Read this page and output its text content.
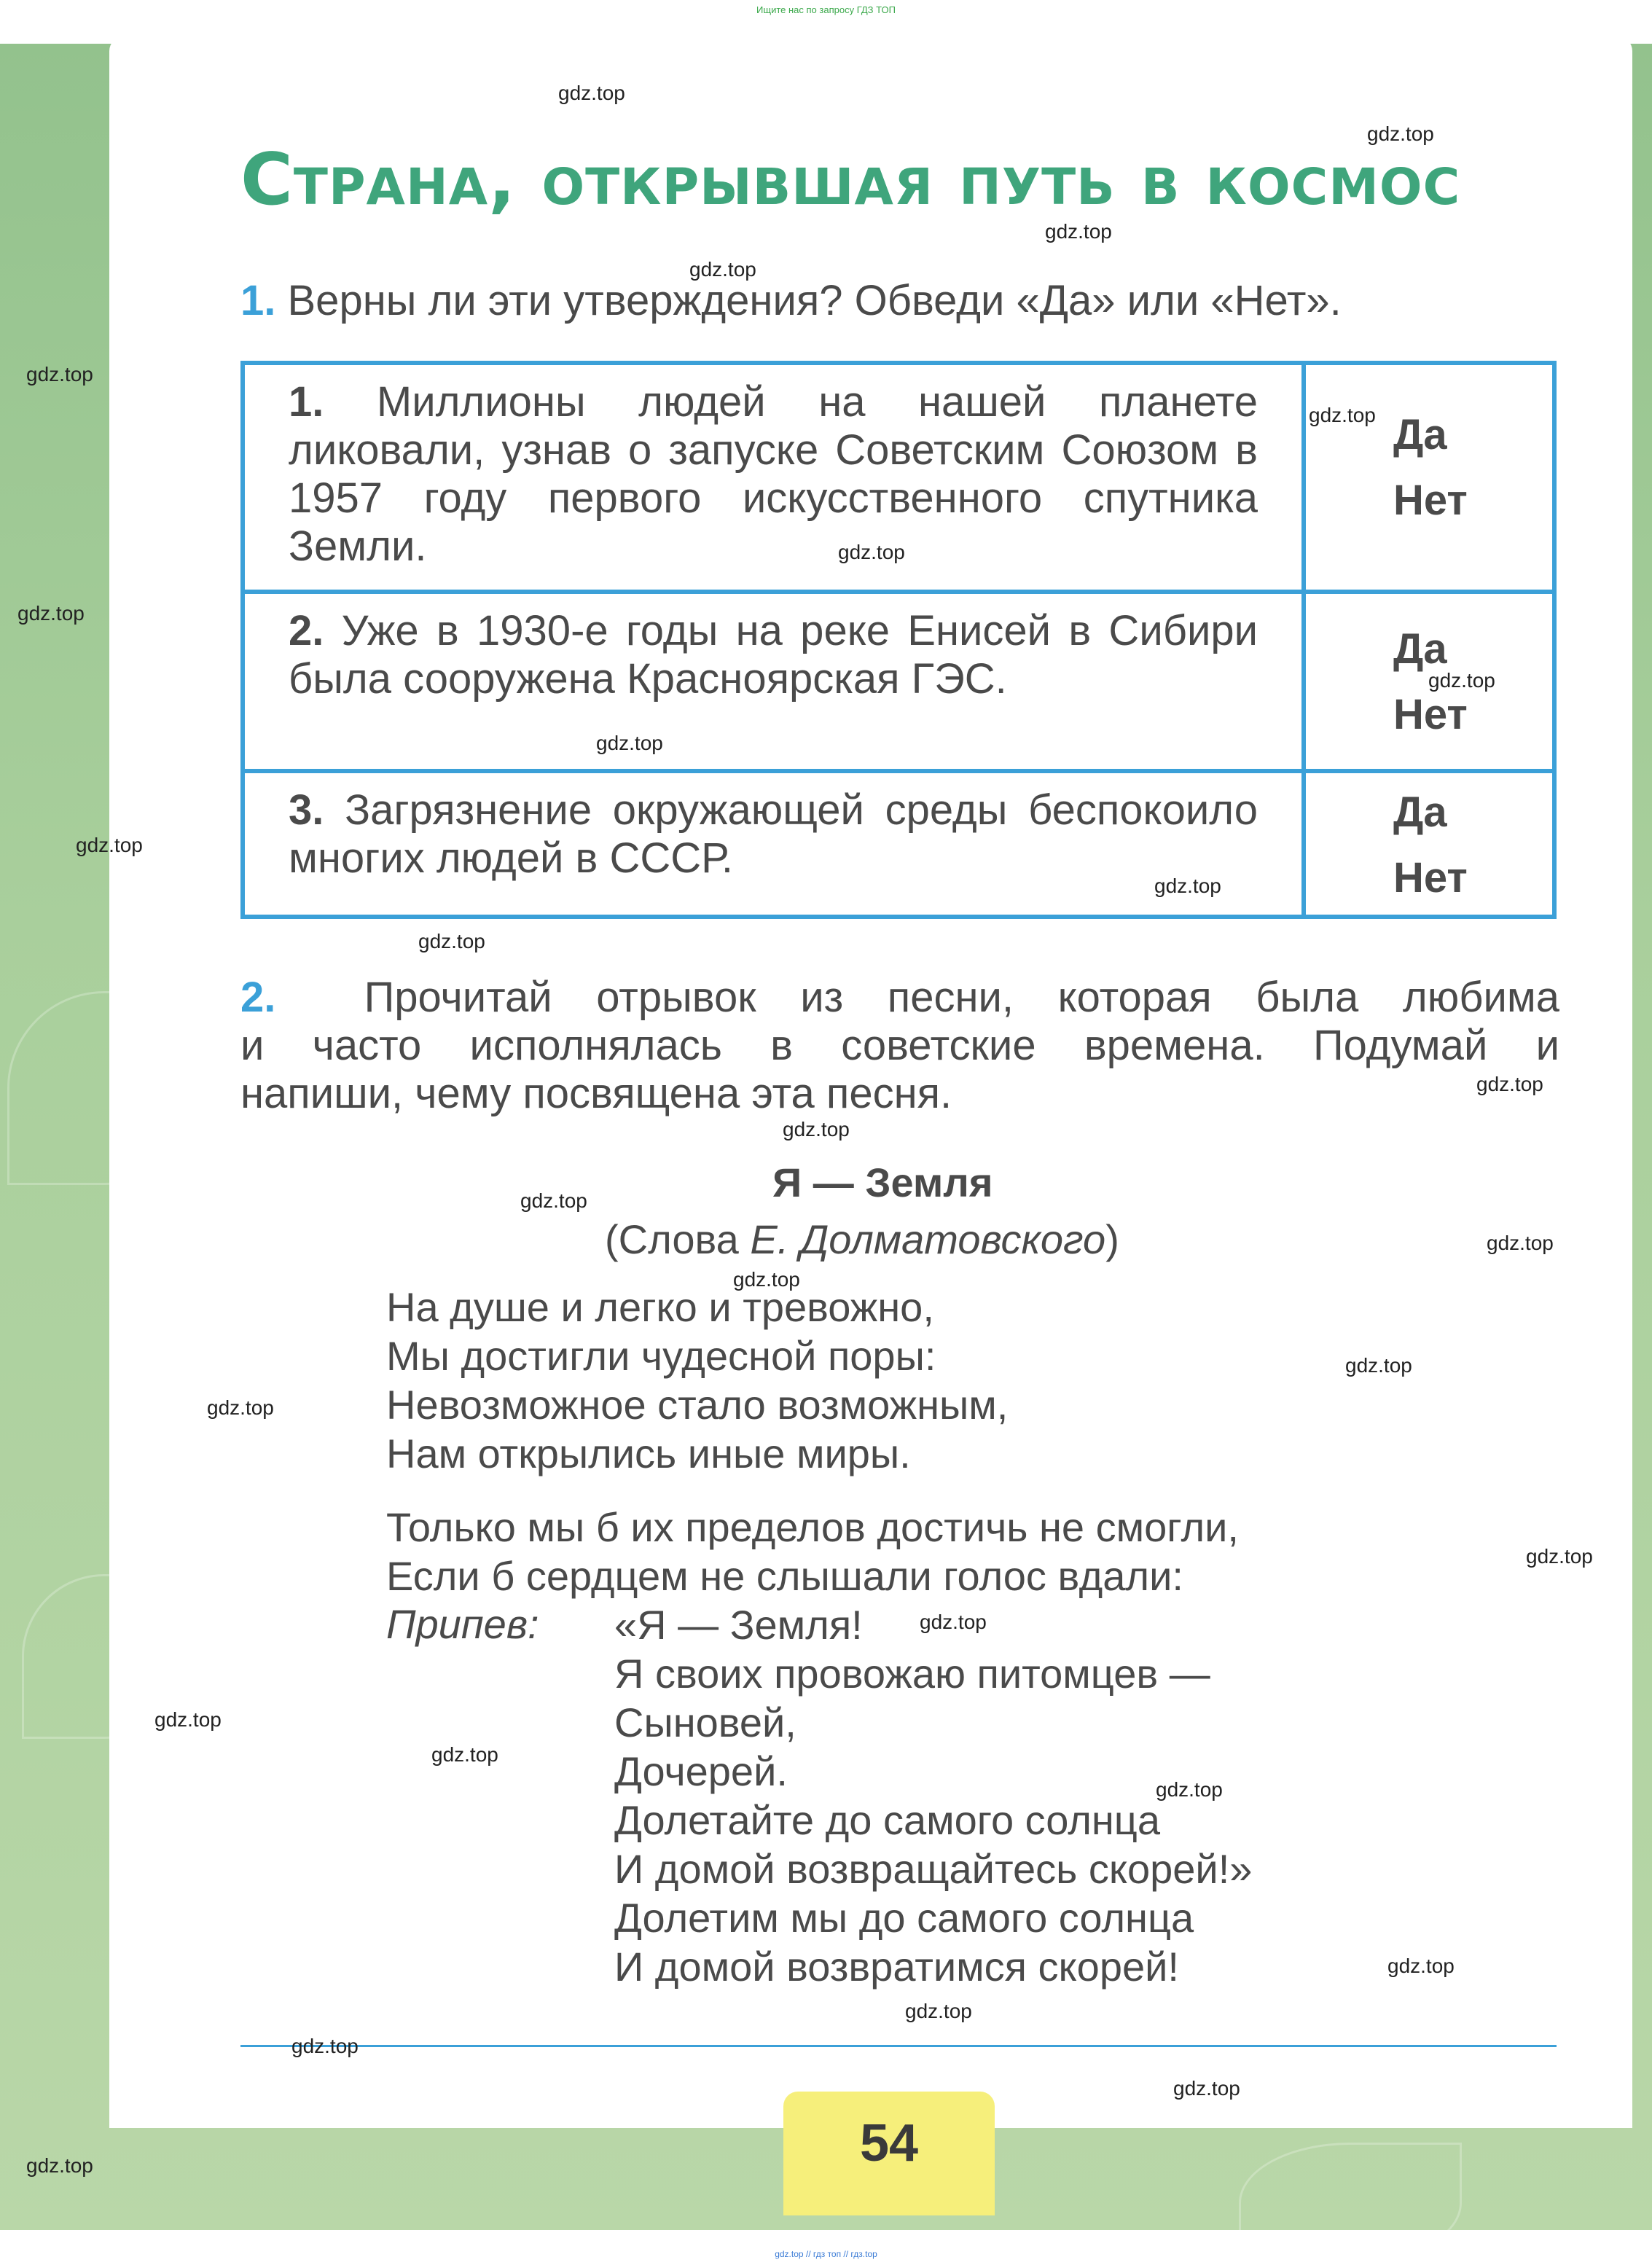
Ищите нас по запросу ГДЗ ТОП
Страна, открывшая путь в космос
1. Верны ли эти утверждения? Обведи «Да» или «Нет».
1. Миллионы людей на нашей планете ликовали, узнав о запуске Советским Союзом в 1957 году первого искусственного спутника Земли.	Да
Нет

2. Уже в 1930-е годы на реке Енисей в Сибири была сооружена Красноярская ГЭС.	Да
Нет

3. Загрязнение окружающей среды беспокоило многих людей в СССР.	Да
Нет
2. Прочитай отрывок из песни, которая была любима
и часто исполнялась в советские времена. Подумай и
напиши, чему посвящена эта песня.
Я — Земля
(Слова Е. Долматовского)
На душе и легко и тревожно,
Мы достигли чудесной поры:
Невозможное стало возможным,
Нам открылись иные миры.
Только мы б их пределов достичь не смогли,
Если б сердцем не слышали голос вдали:
Припев: «Я — Земля!
Я своих провожаю питомцев —
Сыновей,
Дочерей.
Долетайте до самого солнца
И домой возвращайтесь скорей!»
Долетим мы до самого солнца
И домой возвратимся скорей!
54
gdz.top // гдз топ // гдз.top
gdz.top
gdz.top
gdz.top
gdz.top
gdz.top
gdz.top
gdz.top
gdz.top
gdz.top
gdz.top
gdz.top
gdz.top
gdz.top
gdz.top
gdz.top
gdz.top
gdz.top
gdz.top
gdz.top
gdz.top
gdz.top
gdz.top
gdz.top
gdz.top
gdz.top
gdz.top
gdz.top
gdz.top
gdz.top
gdz.top
